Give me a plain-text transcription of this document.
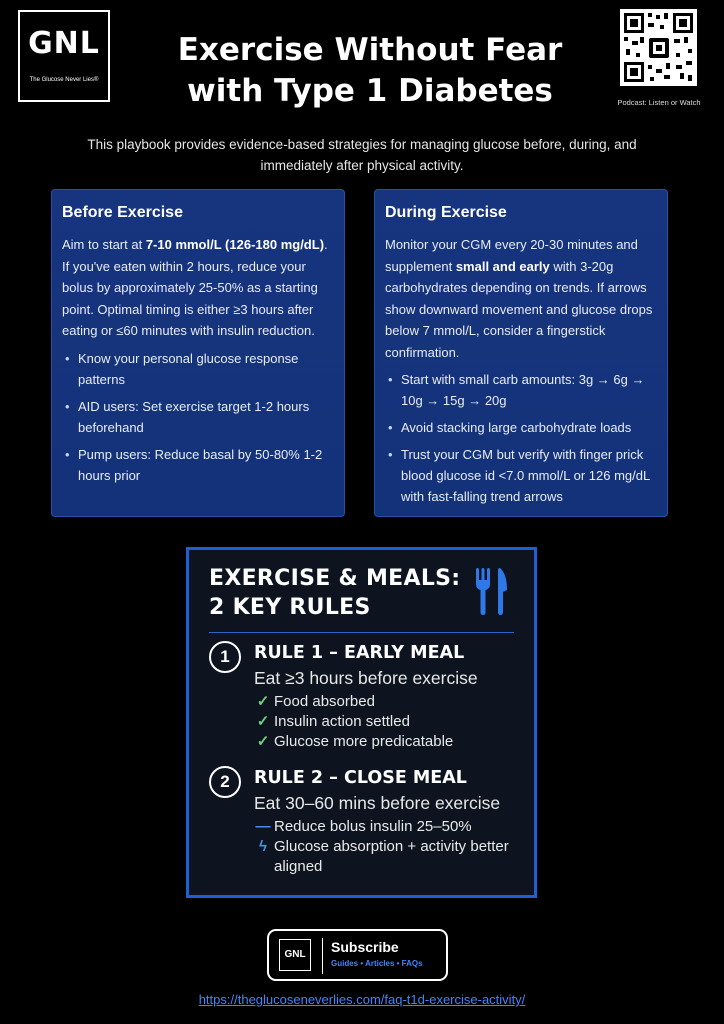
GNL
The Glucose Never Lies®
Exercise Without Fear
with Type 1 Diabetes	Podcast: Listen or Watch
This playbook provides evidence-based strategies for managing glucose before, during, and immediately after physical activity.
Before Exercise

Aim to start at 7-10 mmol/L (126-180 mg/dL). If you've eaten within 2 hours, reduce your bolus by approximately 25-50% as a starting point. Optimal timing is either ≥3 hours after eating or ≤60 minutes with insulin reduction.

• Know your personal glucose response patterns
• AID users: Set exercise target 1-2 hours beforehand
• Pump users: Reduce basal by 50-80% 1-2 hours prior
During Exercise

Monitor your CGM every 20-30 minutes and supplement small and early with 3-20g carbohydrates depending on trends. If arrows show downward movement and glucose drops below 7 mmol/L, consider a fingerstick confirmation.

• Start with small carb amounts: 3g → 6g → 10g → 15g → 20g
• Avoid stacking large carbohydrate loads
• Trust your CGM but verify with finger prick blood glucose id <7.0 mmol/L or 126 mg/dL with fast-falling trend arrows
EXERCISE & MEALS:
2 KEY RULES
1	RULE 1 – EARLY MEAL
Eat ≥3 hours before exercise
✓ Food absorbed
✓ Insulin action settled
✓ Glucose more predicatable
2	RULE 2 – CLOSE MEAL
Eat 30–60 mins before exercise
— Reduce bolus insulin 25–50%
ϟ Glucose absorption + activity better aligned
GNL	Subscribe
Guides • Articles • FAQs
https://theglucoseneverlies.com/faq-t1d-exercise-activity/
